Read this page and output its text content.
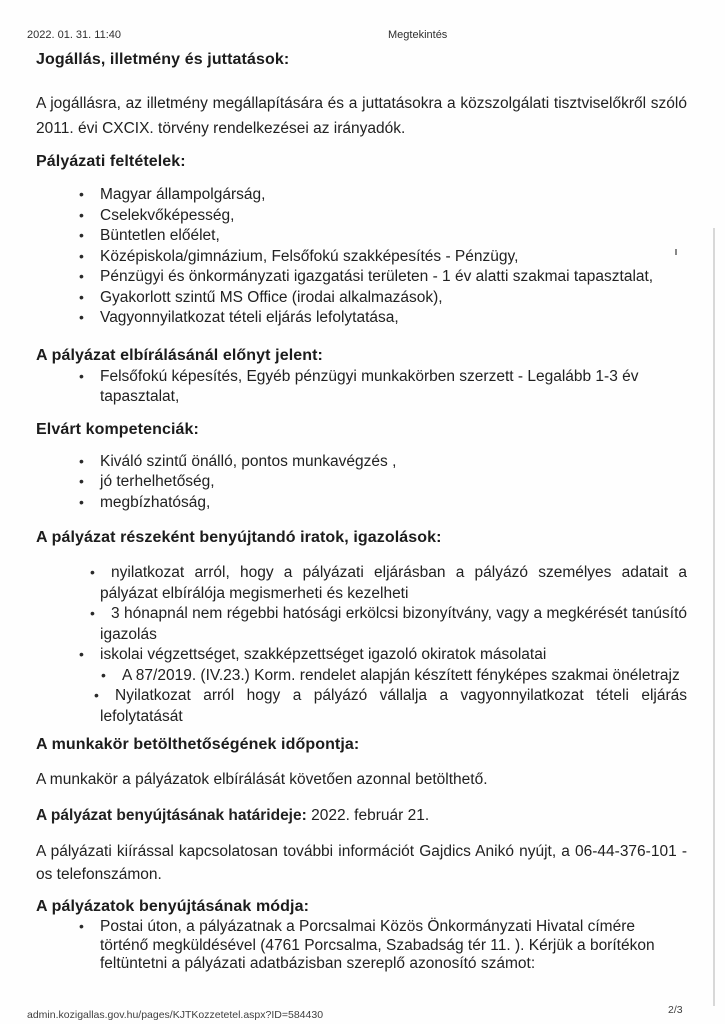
2022. 01. 31. 11:40	Megtekintés
Jogállás, illetmény és juttatások:

A jogállásra, az illetmény megállapítására és a juttatásokra a közszolgálati tisztviselőkről szóló 2011. évi CXCIX. törvény rendelkezései az irányadók.

Pályázati feltételek:
• Magyar állampolgárság,
• Cselekvőképesség,
• Büntetlen előélet,
• Középiskola/gimnázium, Felsőfokú szakképesítés - Pénzügy,
• Pénzügyi és önkormányzati igazgatási területen - 1 év alatti szakmai tapasztalat,
• Gyakorlott szintű MS Office (irodai alkalmazások),
• Vagyonnyilatkozat tételi eljárás lefolytatása,
A pályázat elbírálásánál előnyt jelent:
• Felsőfokú képesítés, Egyéb pénzügyi munkakörben szerzett - Legalább 1-3 év tapasztalat,
Elvárt kompetenciák:
• Kiváló szintű önálló, pontos munkavégzés ,
• jó terhelhetőség,
• megbízhatóság,
A pályázat részeként benyújtandó iratok, igazolások:
• nyilatkozat arról, hogy a pályázati eljárásban a pályázó személyes adatait a pályázat elbírálója megismerheti és kezelheti
• 3 hónapnál nem régebbi hatósági erkölcsi bizonyítvány, vagy a megkérését tanúsító igazolás
• iskolai végzettséget, szakképzettséget igazoló okiratok másolatai
• A 87/2019. (IV.23.) Korm. rendelet alapján készített fényképes szakmai önéletrajz
• Nyilatkozat arról hogy a pályázó vállalja a vagyonnyilatkozat tételi eljárás lefolytatását
A munkakör betölthetőségének időpontja:

A munkakör a pályázatok elbírálását követően azonnal betölthető.

A pályázat benyújtásának határideje: 2022. február 21.

A pályázati kiírással kapcsolatosan további információt Gajdics Anikó nyújt, a 06-44-376-101 -os telefonszámon.

A pályázatok benyújtásának módja:
• Postai úton, a pályázatnak a Porcsalmai Közös Önkormányzati Hivatal címére történő megküldésével (4761 Porcsalma, Szabadság tér 11. ). Kérjük a borítékon feltüntetni a pályázati adatbázisban szereplő azonosító számot:
admin.kozigallas.gov.hu/pages/KJTKozzetetel.aspx?ID=584430	2/3
